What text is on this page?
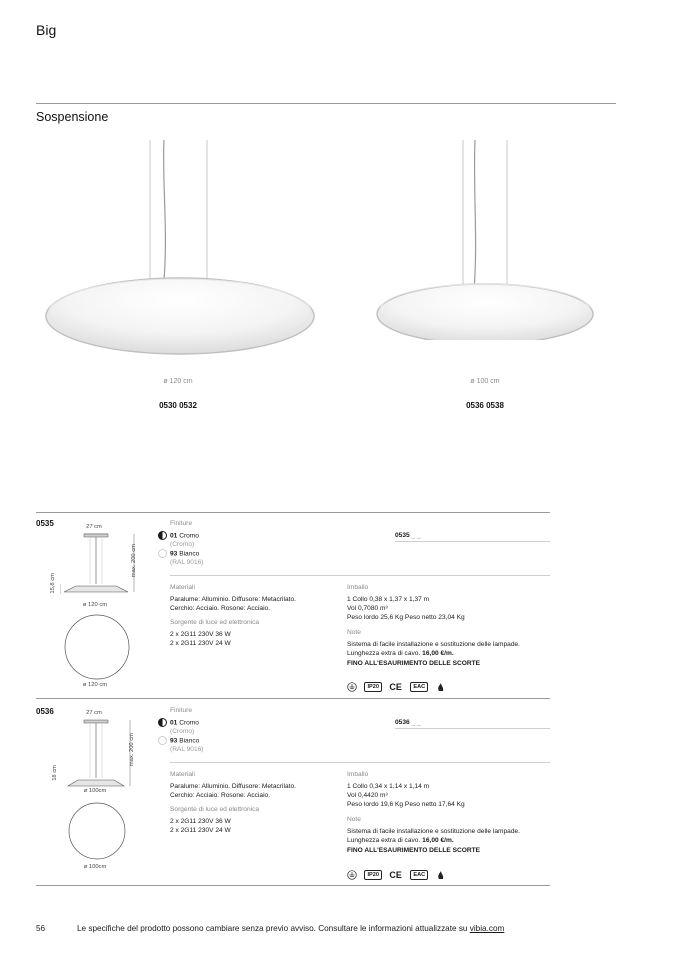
Big
Sospensione
ø 120 cm
0530 0532
ø 100 cm
0536 0538
0535	27 cm
max. 200 cm
15,8 cm
ø 120 cm
ø 120 cm
Finiture
01 Cromo
(Cromo)
93 Bianco
(RAL 9016)
0535 _ _
Materiali
Paralume: Alluminio. Diffusore: Metacrilato.
Cerchio: Acciaio. Rosone: Acciaio.
Sorgente di luce ed elettronica
2 x 2G11 230V 36 W
2 x 2G11 230V 24 W
Imballo
1 Collo 0,38 x 1,37 x 1,37 m
Vol 0,7080 m³
Peso lordo 25,6 Kg Peso netto 23,04 Kg
Note
Sistema di facile installazione e sostituzione delle lampade.
Lunghezza extra di cavo. 16,00 €/m.
FINO ALL'ESAURIMENTO DELLE SCORTE
IP20 CE EAC
0536	27 cm
max. 200 cm
18 cm
ø 100cm
ø 100cm
Finiture
01 Cromo
(Cromo)
93 Bianco
(RAL 9016)
0536 _ _
Materiali
Paralume: Alluminio. Diffusore: Metacrilato.
Cerchio: Acciaio. Rosone: Acciaio.
Sorgente di luce ed elettronica
2 x 2G11 230V 36 W
2 x 2G11 230V 24 W
Imballo
1 Collo 0,34 x 1,14 x 1,14 m
Vol 0,4420 m³
Peso lordo 19,6 Kg Peso netto 17,64 Kg
Note
Sistema di facile installazione e sostituzione delle lampade.
Lunghezza extra di cavo. 16,00 €/m.
FINO ALL'ESAURIMENTO DELLE SCORTE
IP20 CE EAC
56	Le specifiche del prodotto possono cambiare senza previo avviso. Consultare le informazioni attualizzate su vibia.com
